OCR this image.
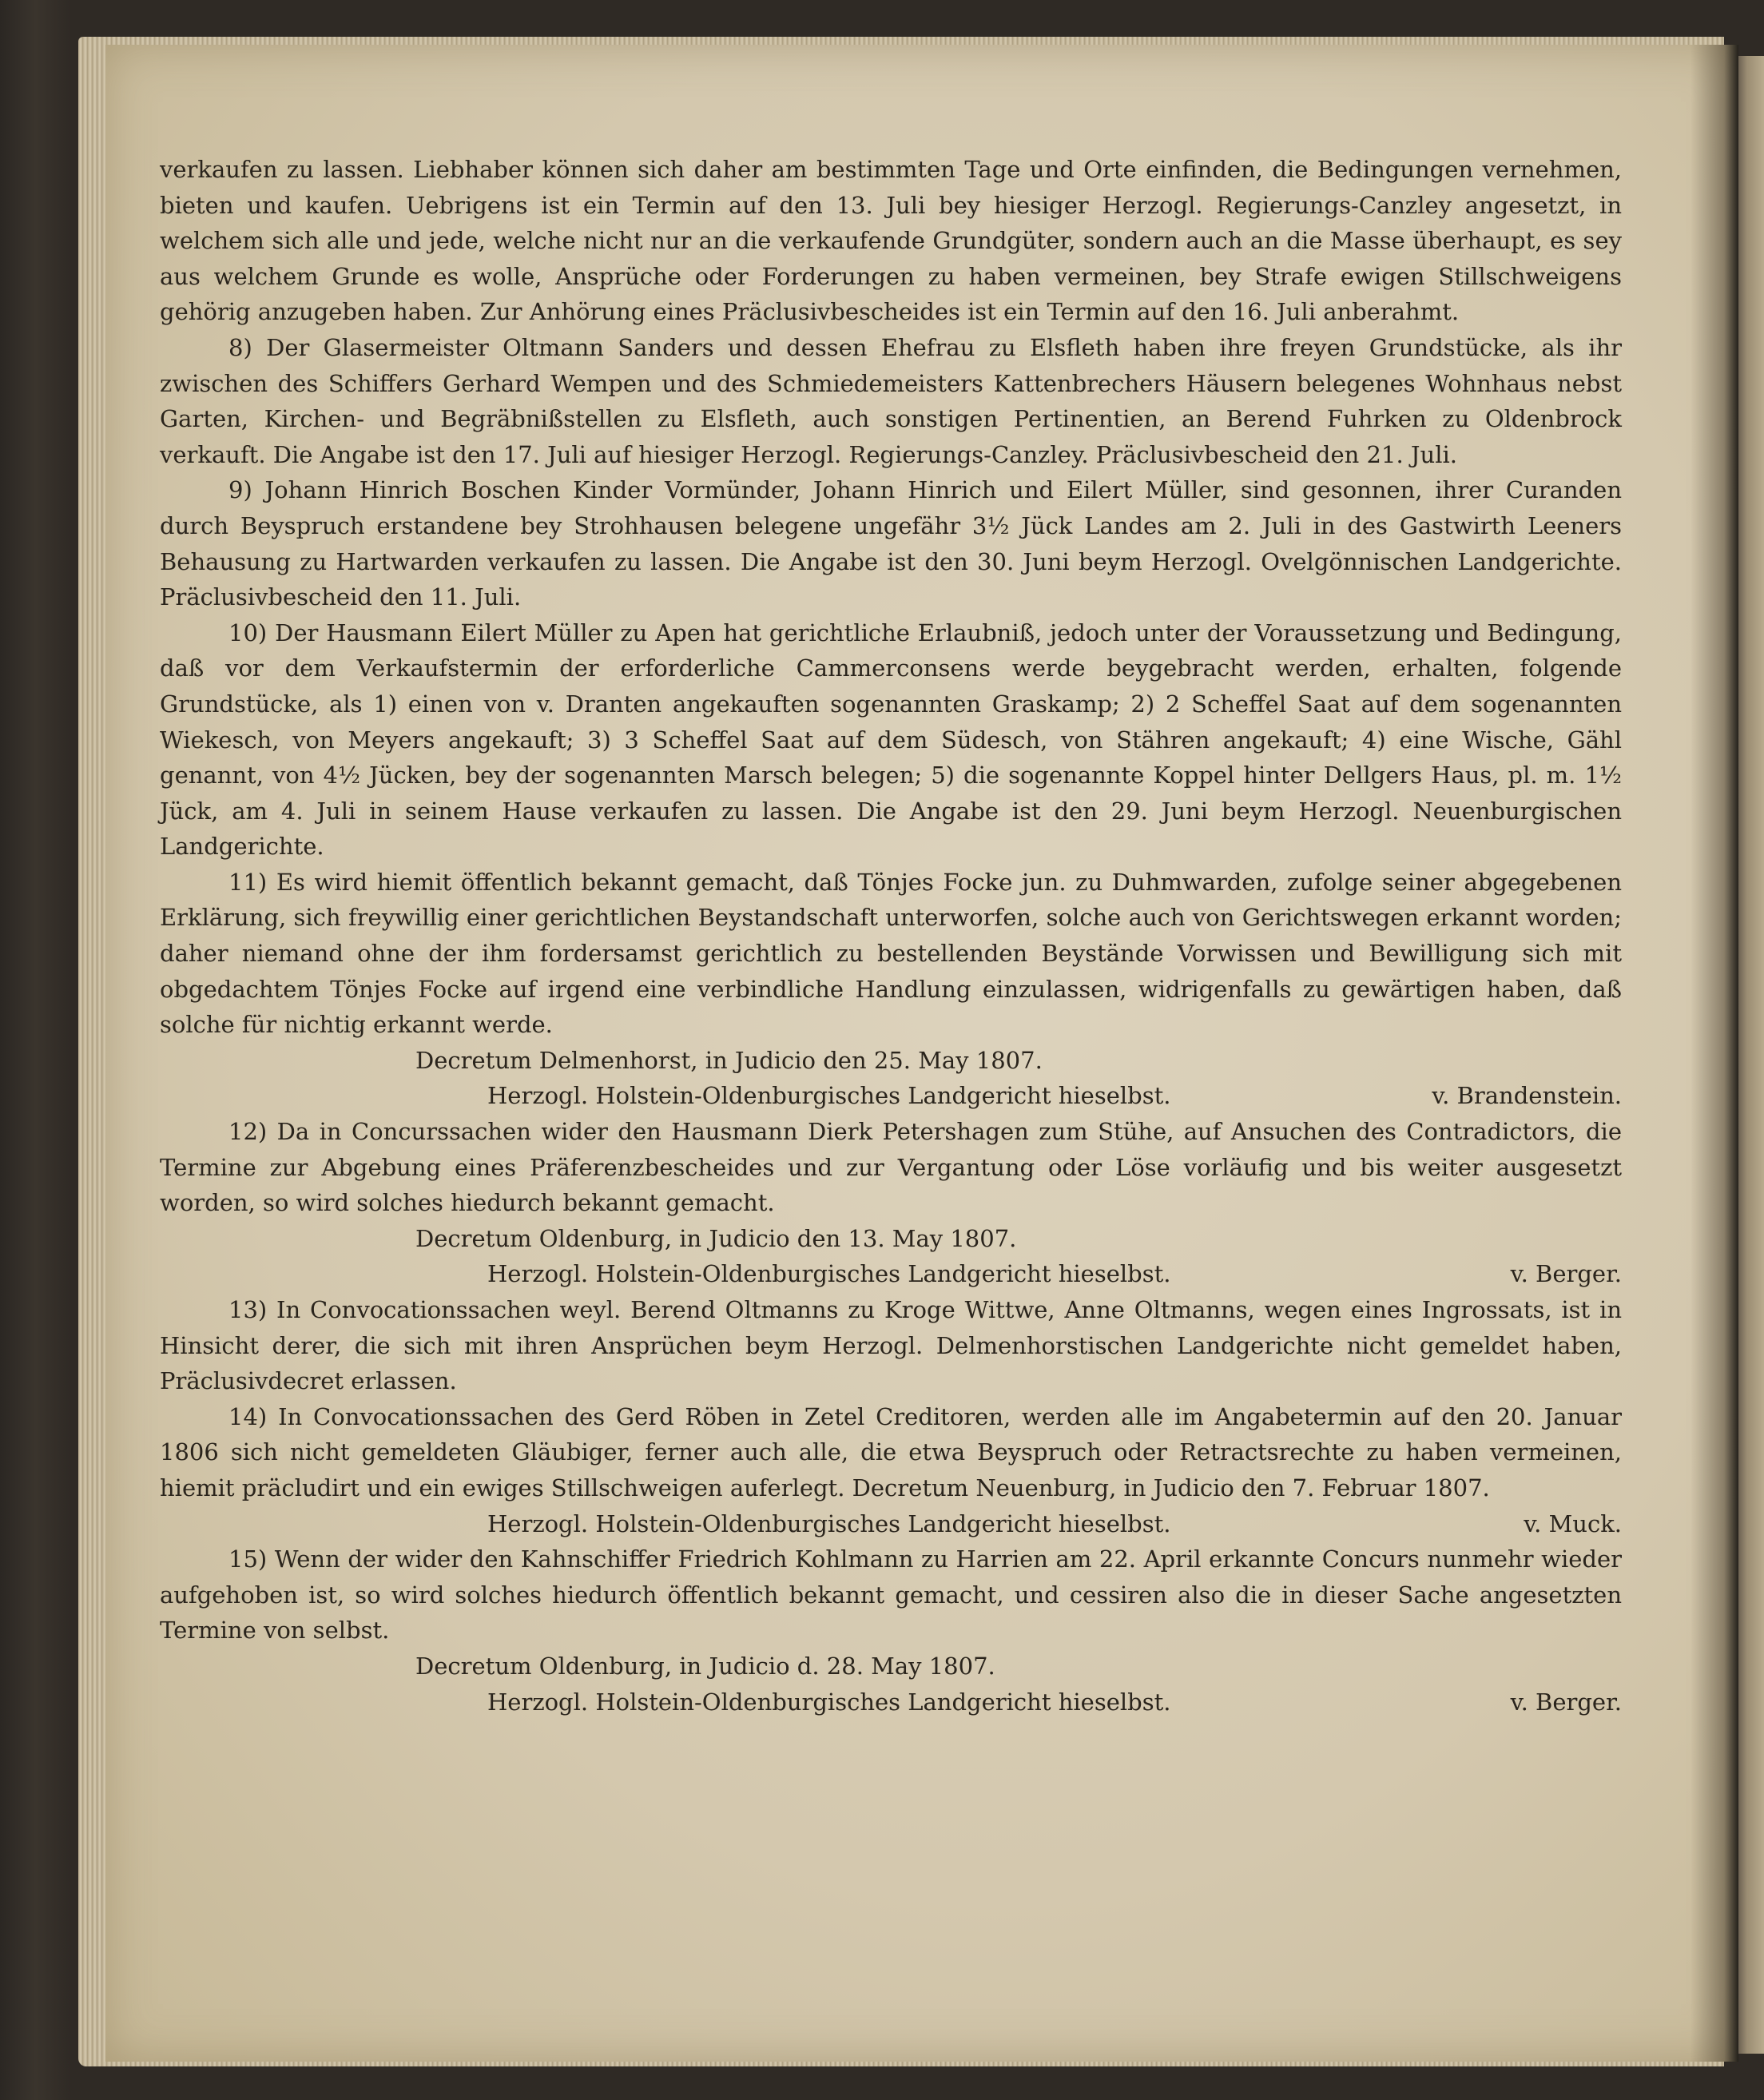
verkaufen zu lassen. Liebhaber können sich daher am bestimmten Tage und Orte einfinden, die Bedingungen vernehmen, bieten und kaufen. Uebrigens ist ein Termin auf den 13. Juli bey hiesiger Herzogl. Regierungs-Canzley angesetzt, in welchem sich alle und jede, welche nicht nur an die verkaufende Grundgüter, sondern auch an die Masse überhaupt, es sey aus welchem Grunde es wolle, Ansprüche oder Forderungen zu haben vermeinen, bey Strafe ewigen Stillschweigens gehörig anzugeben haben. Zur Anhörung eines Präclusivbescheides ist ein Termin auf den 16. Juli anberahmt.

8) Der Glasermeister Oltmann Sanders und dessen Ehefrau zu Elsfleth haben ihre freyen Grundstücke, als ihr zwischen des Schiffers Gerhard Wempen und des Schmiedemeisters Kattenbrechers Häusern belegenes Wohnhaus nebst Garten, Kirchen- und Begräbnißstellen zu Elsfleth, auch sonstigen Pertinentien, an Berend Fuhrken zu Oldenbrock verkauft. Die Angabe ist den 17. Juli auf hiesiger Herzogl. Regierungs-Canzley. Präclusivbescheid den 21. Juli.

9) Johann Hinrich Boschen Kinder Vormünder, Johann Hinrich und Eilert Müller, sind gesonnen, ihrer Curanden durch Beyspruch erstandene bey Strohhausen belegene ungefähr 3½ Jück Landes am 2. Juli in des Gastwirth Leeners Behausung zu Hartwarden verkaufen zu lassen. Die Angabe ist den 30. Juni beym Herzogl. Ovelgönnischen Landgerichte. Präclusivbescheid den 11. Juli.

10) Der Hausmann Eilert Müller zu Apen hat gerichtliche Erlaubniß, jedoch unter der Voraussetzung und Bedingung, daß vor dem Verkaufstermin der erforderliche Cammerconsens werde beygebracht werden, erhalten, folgende Grundstücke, als 1) einen von v. Dranten angekauften sogenannten Graskamp; 2) 2 Scheffel Saat auf dem sogenannten Wiekesch, von Meyers angekauft; 3) 3 Scheffel Saat auf dem Südesch, von Stähren angekauft; 4) eine Wische, Gähl genannt, von 4½ Jücken, bey der sogenannten Marsch belegen; 5) die sogenannte Koppel hinter Dellgers Haus, pl. m. 1½ Jück, am 4. Juli in seinem Hause verkaufen zu lassen. Die Angabe ist den 29. Juni beym Herzogl. Neuenburgischen Landgerichte.

11) Es wird hiemit öffentlich bekannt gemacht, daß Tönjes Focke jun. zu Duhmwarden, zufolge seiner abgegebenen Erklärung, sich freywillig einer gerichtlichen Beystandschaft unterworfen, solche auch von Gerichtswegen erkannt worden; daher niemand ohne der ihm fordersamst gerichtlich zu bestellenden Beystände Vorwissen und Bewilligung sich mit obgedachtem Tönjes Focke auf irgend eine verbindliche Handlung einzulassen, widrigenfalls zu gewärtigen haben, daß solche für nichtig erkannt werde.

Decretum Delmenhorst, in Judicio den 25. May 1807.

Herzogl. Holstein-Oldenburgisches Landgericht hieselbst.	v. Brandenstein.

12) Da in Concurssachen wider den Hausmann Dierk Petershagen zum Stühe, auf Ansuchen des Contradictors, die Termine zur Abgebung eines Präferenzbescheides und zur Vergantung oder Löse vorläufig und bis weiter ausgesetzt worden, so wird solches hiedurch bekannt gemacht.

Decretum Oldenburg, in Judicio den 13. May 1807.

Herzogl. Holstein-Oldenburgisches Landgericht hieselbst.	v. Berger.

13) In Convocationssachen weyl. Berend Oltmanns zu Kroge Wittwe, Anne Oltmanns, wegen eines Ingrossats, ist in Hinsicht derer, die sich mit ihren Ansprüchen beym Herzogl. Delmenhorstischen Landgerichte nicht gemeldet haben, Präclusivdecret erlassen.

14) In Convocationssachen des Gerd Röben in Zetel Creditoren, werden alle im Angabetermin auf den 20. Januar 1806 sich nicht gemeldeten Gläubiger, ferner auch alle, die etwa Beyspruch oder Retractsrechte zu haben vermeinen, hiemit präcludirt und ein ewiges Stillschweigen auferlegt. Decretum Neuenburg, in Judicio den 7. Februar 1807.

Herzogl. Holstein-Oldenburgisches Landgericht hieselbst.	v. Muck.

15) Wenn der wider den Kahnschiffer Friedrich Kohlmann zu Harrien am 22. April erkannte Concurs nunmehr wieder aufgehoben ist, so wird solches hiedurch öffentlich bekannt gemacht, und cessiren also die in dieser Sache angesetzten Termine von selbst.

Decretum Oldenburg, in Judicio d. 28. May 1807.

Herzogl. Holstein-Oldenburgisches Landgericht hieselbst.	v. Berger.
